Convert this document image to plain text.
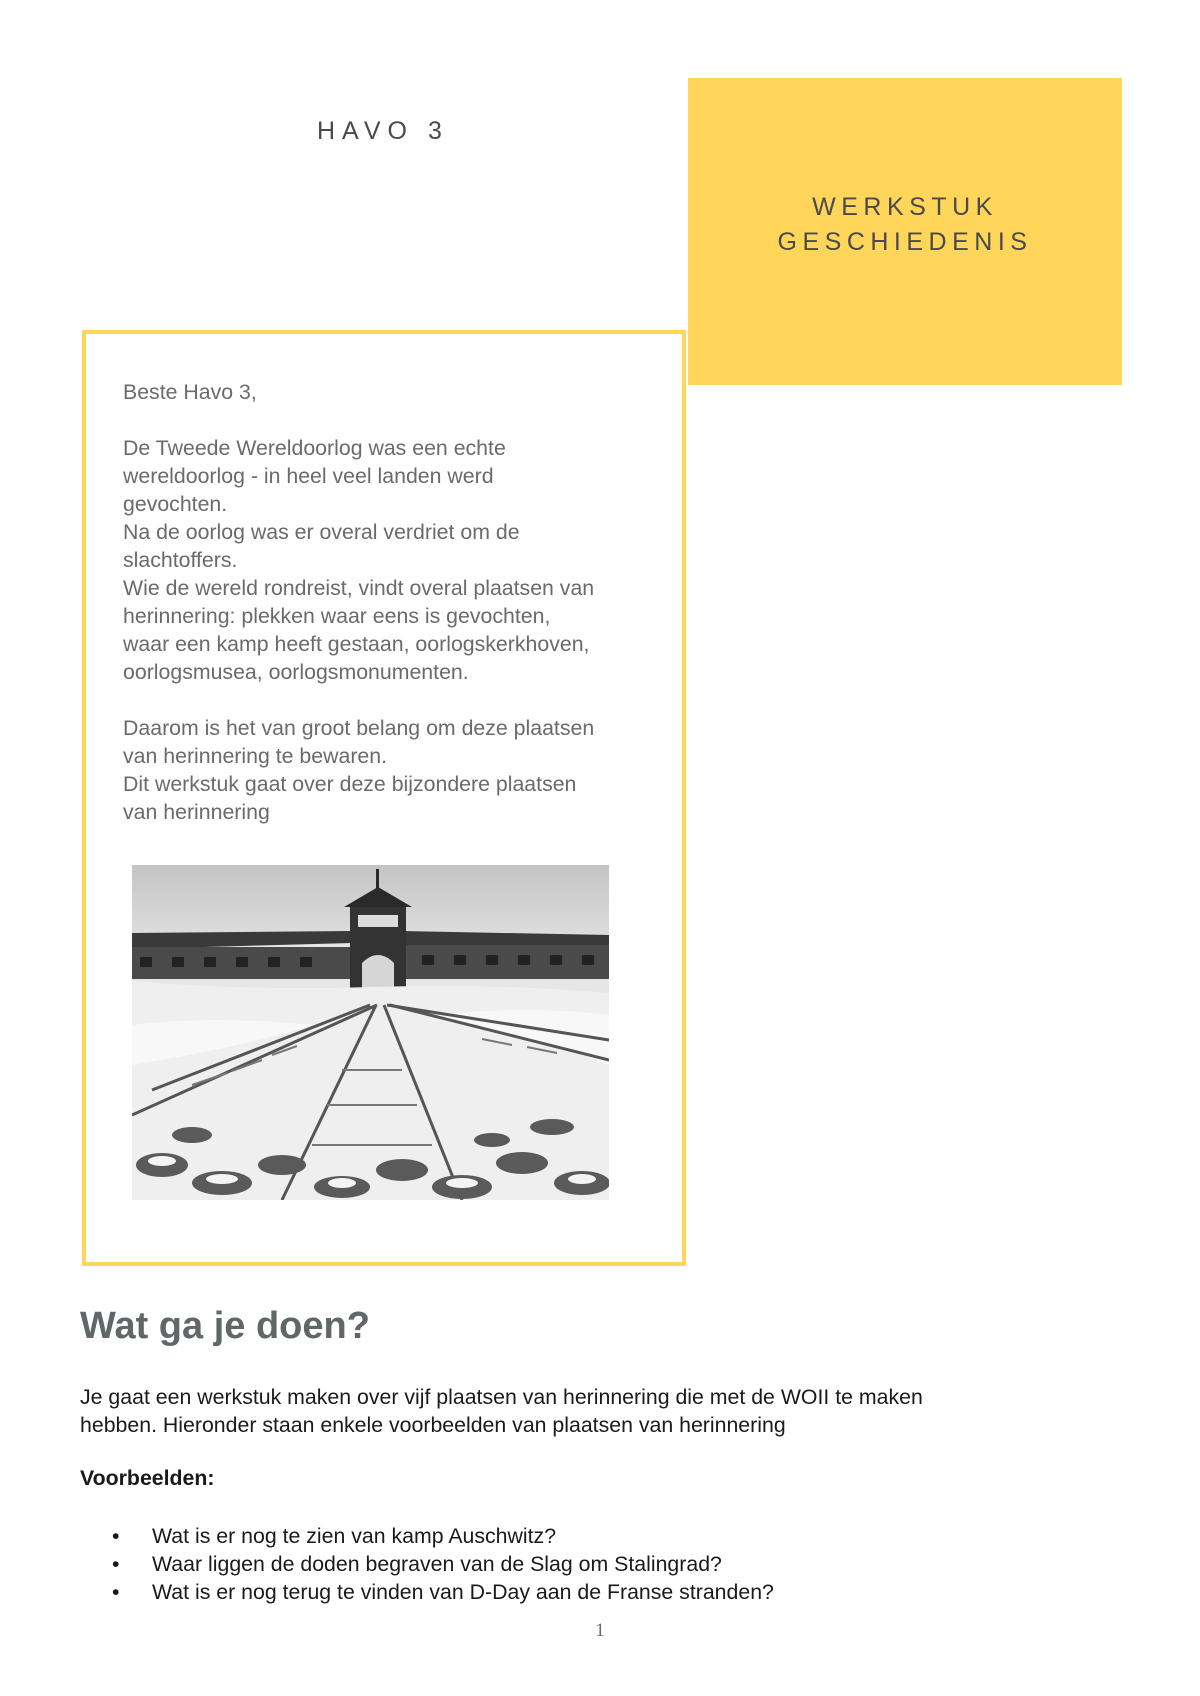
HAVO 3
WERKSTUK
GESCHIEDENIS

Beste Havo 3,

De Tweede Wereldoorlog was een echte

wereldoorlog - in heel veel landen werd

gevochten.

Na de oorlog was er overal verdriet om de

slachtoffers.

Wie de wereld rondreist, vindt overal plaatsen van

herinnering: plekken waar eens is gevochten,

waar een kamp heeft gestaan, oorlogskerkhoven,

oorlogsmusea, oorlogsmonumenten.

Daarom is het van groot belang om deze plaatsen

van herinnering te bewaren.

Dit werkstuk gaat over deze bijzondere plaatsen

van herinnering

Wat ga je doen?

Je gaat een werkstuk maken over vijf plaatsen van herinnering die met de WOII te maken
hebben. Hieronder staan enkele voorbeelden van plaatsen van herinnering

Voorbeelden:

• Wat is er nog te zien van kamp Auschwitz?
• Waar liggen de doden begraven van de Slag om Stalingrad?
• Wat is er nog terug te vinden van D-Day aan de Franse stranden?
1
